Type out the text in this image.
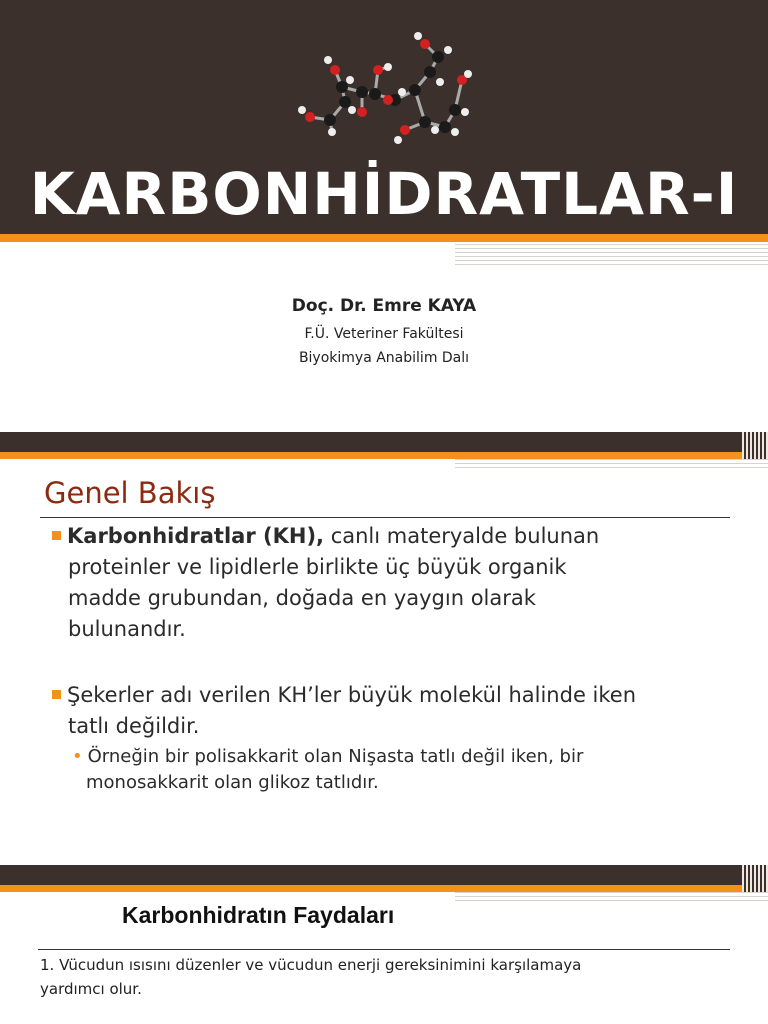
KARBONHİDRATLAR-I
Doç. Dr. Emre KAYA
F.Ü. Veteriner Fakültesi
Biyokimya Anabilim Dalı
Genel Bakış
Karbonhidratlar (KH), canlı materyalde bulunan
proteinler ve lipidlerle birlikte üç büyük organik
madde grubundan, doğada en yaygın olarak
bulunandır.
Şekerler adı verilen KH’ler büyük molekül halinde iken
tatlı değildir.
• Örneğin bir polisakkarit olan Nişasta tatlı değil iken, bir
monosakkarit olan glikoz tatlıdır.
Karbonhidratın Faydaları
1. Vücudun ısısını düzenler ve vücudun enerji gereksinimini karşılamaya
yardımcı olur.
